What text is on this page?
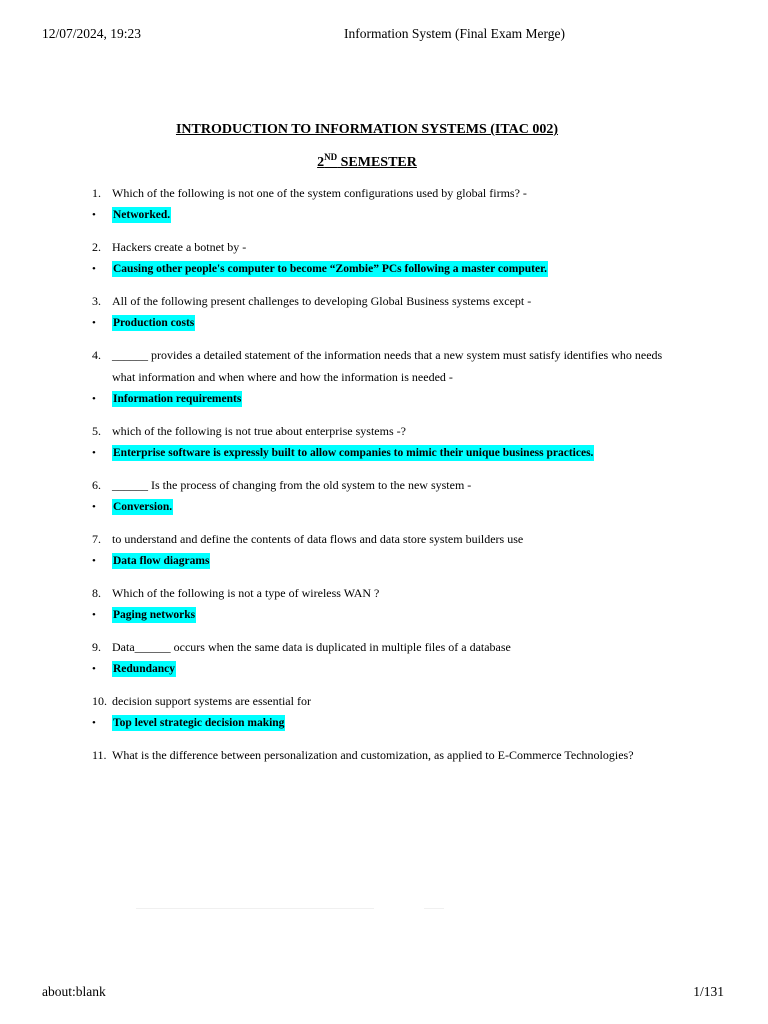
12/07/2024, 19:23	Information System (Final Exam Merge)
INTRODUCTION TO INFORMATION SYSTEMS (ITAC 002)
2ND SEMESTER
1. Which of the following is not one of the system configurations used by global firms? -
•	Networked.
2. Hackers create a botnet by -
•	Causing other people's computer to become “Zombie” PCs following a master computer.
3. All of the following present challenges to developing Global Business systems except -
•	Production costs
4. ______ provides a detailed statement of the information needs that a new system must satisfy identifies who needs what information and when where and how the information is needed -
•	Information requirements
5. which of the following is not true about enterprise systems -?
•	Enterprise software is expressly built to allow companies to mimic their unique business practices.
6. ______ Is the process of changing from the old system to the new system -
•	Conversion.
7. to understand and define the contents of data flows and data store system builders use
•	Data flow diagrams
8. Which of the following is not a type of wireless WAN ?
•	Paging networks
9. Data______ occurs when the same data is duplicated in multiple files of a database
•	Redundancy
10. decision support systems are essential for
•	Top level strategic decision making
11. What is the difference between personalization and customization, as applied to E-Commerce Technologies?
about:blank	1/131
